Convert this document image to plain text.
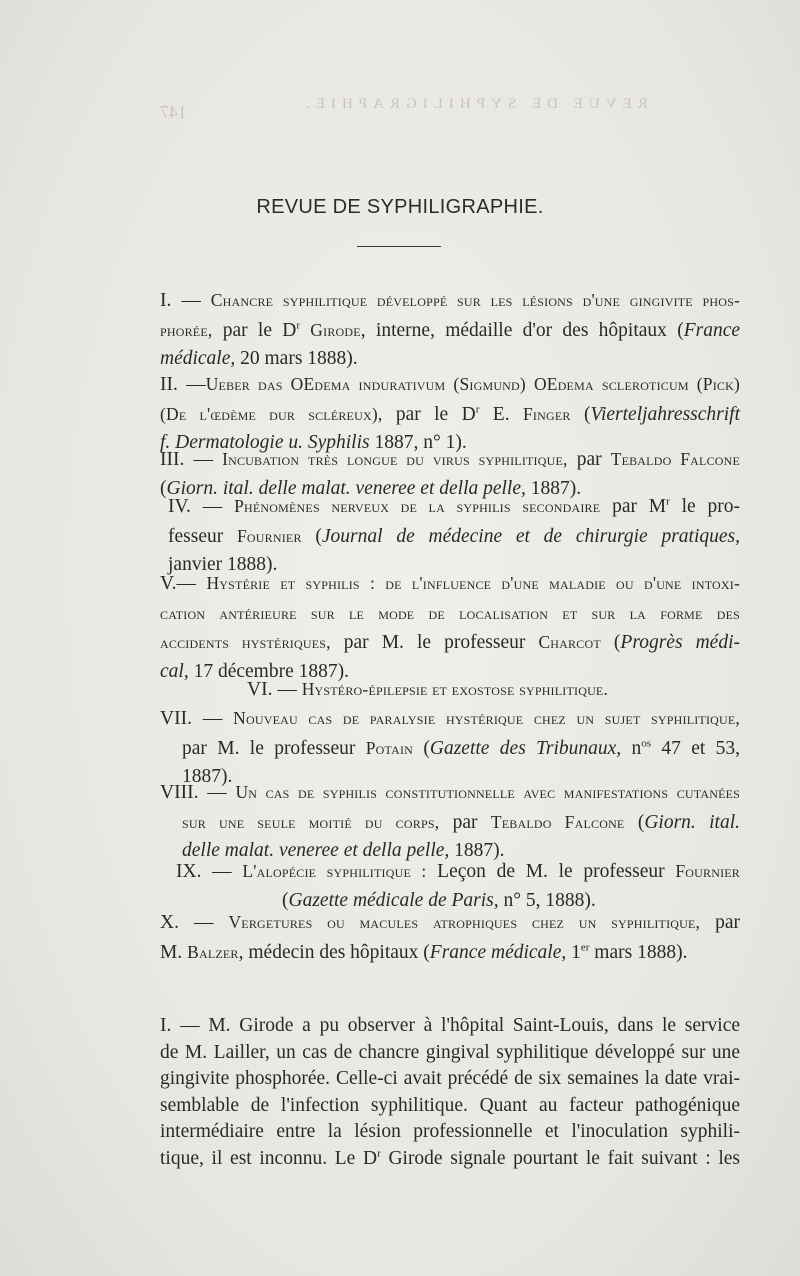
147	REVUE DE SYPHILIGRAPHIE.
REVUE DE SYPHILIGRAPHIE.
I. — Chancre syphilitique développé sur les lésions d'une gingivite phos-
phorée, par le $D^r$ Girode, interne, médaille d'or des hôpitaux (France
médicale, 20 mars 1888).
II. —Ueber das OEdema indurativum (Sigmund) OEdema scleroticum (Pick)
(De l'œdème dur scléreux), par le $D^r$ E. Finger (Vierteljahresschrift
f. Dermatologie u. Syphilis 1887, n° 1).
III. — Incubation très longue du virus syphilitique, par Tebaldo Falcone
(Giorn. ital. delle malat. veneree et della pelle, 1887).
IV. — Phénomènes nerveux de la syphilis secondaire par $M^r$ le pro-
fesseur Fournier (Journal de médecine et de chirurgie pratiques,
janvier 1888).
V.— Hystérie et syphilis : de l'influence d'une maladie ou d'une intoxi-
cation antérieure sur le mode de localisation et sur la forme des
accidents hystériques, par M. le professeur Charcot (Progrès médi-
cal, 17 décembre 1887).
VI. — Hystéro-épilepsie et exostose syphilitique.
VII. — Nouveau cas de paralysie hystérique chez un sujet syphilitique,
par M. le professeur Potain (Gazette des Tribunaux, $n^{os}$ 47 et 53,
1887).
VIII. — Un cas de syphilis constitutionnelle avec manifestations cutanées
sur une seule moitié du corps, par Tebaldo Falcone (Giorn. ital.
delle malat. veneree et della pelle, 1887).
IX. — L'alopécie syphilitique : Leçon de M. le professeur Fournier
(Gazette médicale de Paris, n° 5, 1888).
X. — Vergetures ou macules atrophiques chez un syphilitique, par
M. Balzer, médecin des hôpitaux (France médicale, 1er mars 1888).
I. — M. Girode a pu observer à l'hôpital Saint-Louis, dans le service
de M. Lailler, un cas de chancre gingival syphilitique développé sur une
gingivite phosphorée. Celle-ci avait précédé de six semaines la date vrai-
semblable de l'infection syphilitique. Quant au facteur pathogénique
intermédiaire entre la lésion professionnelle et l'inoculation syphili-
tique, il est inconnu. Le $D^r$ Girode signale pourtant le fait suivant : les
